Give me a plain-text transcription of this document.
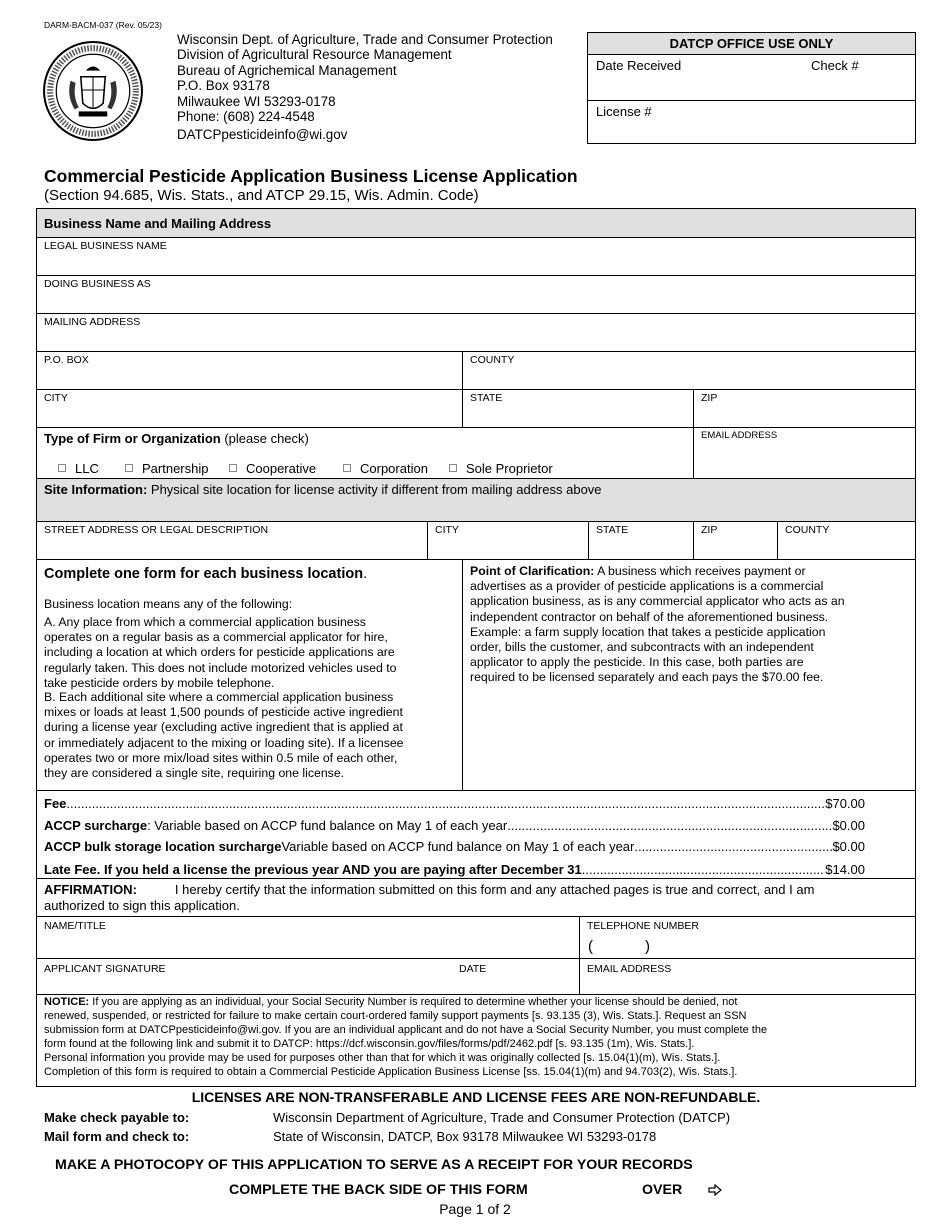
DARM-BACM-037 (Rev. 05/23)
Wisconsin Dept. of Agriculture, Trade and Consumer Protection
Division of Agricultural Resource Management
Bureau of Agrichemical Management
P.O. Box 93178
Milwaukee WI 53293-0178
Phone: (608) 224-4548
DATCPpesticideinfo@wi.gov
DATCP OFFICE USE ONLY
Date Received	Check #
License #
Commercial Pesticide Application Business License Application
(Section 94.685, Wis. Stats., and ATCP 29.15, Wis. Admin. Code)
Business Name and Mailing Address
LEGAL BUSINESS NAME
DOING BUSINESS AS
MAILING ADDRESS
P.O. BOX	COUNTY
CITY	STATE	ZIP
Type of Firm or Organization (please check)
LLC	Partnership	Cooperative	Corporation	Sole Proprietor
EMAIL ADDRESS
Site Information: Physical site location for license activity if different from mailing address above
STREET ADDRESS OR LEGAL DESCRIPTION	CITY	STATE	ZIP	COUNTY
Complete one form for each business location.

Business location means any of the following:

A. Any place from which a commercial application business

operates on a regular basis as a commercial applicator for hire,

including a location at which orders for pesticide applications are

regularly taken. This does not include motorized vehicles used to

take pesticide orders by mobile telephone.

B. Each additional site where a commercial application business

mixes or loads at least 1,500 pounds of pesticide active ingredient

during a license year (excluding active ingredient that is applied at

or immediately adjacent to the mixing or loading site). If a licensee

operates two or more mix/load sites within 0.5 mile of each other,

they are considered a single site, requiring one license.

Point of Clarification: A business which receives payment or

advertises as a provider of pesticide applications is a commercial

application business, as is any commercial applicator who acts as an

independent contractor on behalf of the aforementioned business.

Example: a farm supply location that takes a pesticide application

order, bills the customer, and subcontracts with an independent

applicator to apply the pesticide. In this case, both parties are

required to be licensed separately and each pays the $70.00 fee.

Fee .....	$70.00
ACCP surcharge : Variable based on ACCP fund balance on May 1 of each year .....	$0.00
ACCP bulk storage location surcharge Variable based on ACCP fund balance on May 1 of each year .....	$0.00
Late Fee. If you held a license the previous year AND you are paying after December 31 .....	$14.00
AFFIRMATION:	I hereby certify that the information submitted on this form and any attached pages is true and correct, and I am
authorized to sign this application.
NAME/TITLE	TELEPHONE NUMBER
(	)
APPLICANT SIGNATURE	DATE	EMAIL ADDRESS

NOTICE: If you are applying as an individual, your Social Security Number is required to determine whether your license should be denied, not

renewed, suspended, or restricted for failure to make certain court-ordered family support payments [s. 93.135 (3), Wis. Stats.]. Request an SSN

submission form at DATCPpesticideinfo@wi.gov. If you are an individual applicant and do not have a Social Security Number, you must complete the

form found at the following link and submit it to DATCP: https://dcf.wisconsin.gov/files/forms/pdf/2462.pdf [s. 93.135 (1m), Wis. Stats.].

Personal information you provide may be used for purposes other than that for which it was originally collected [s. 15.04(1)(m), Wis. Stats.].

Completion of this form is required to obtain a Commercial Pesticide Application Business License [ss. 15.04(1)(m) and 94.703(2), Wis. Stats.].

LICENSES ARE NON-TRANSFERABLE AND LICENSE FEES ARE NON-REFUNDABLE.
Make check payable to:	Wisconsin Department of Agriculture, Trade and Consumer Protection (DATCP)
Mail form and check to:	State of Wisconsin, DATCP, Box 93178 Milwaukee WI 53293-0178
MAKE A PHOTOCOPY OF THIS APPLICATION TO SERVE AS A RECEIPT FOR YOUR RECORDS
COMPLETE THE BACK SIDE OF THIS FORM	OVER
Page 1 of 2
